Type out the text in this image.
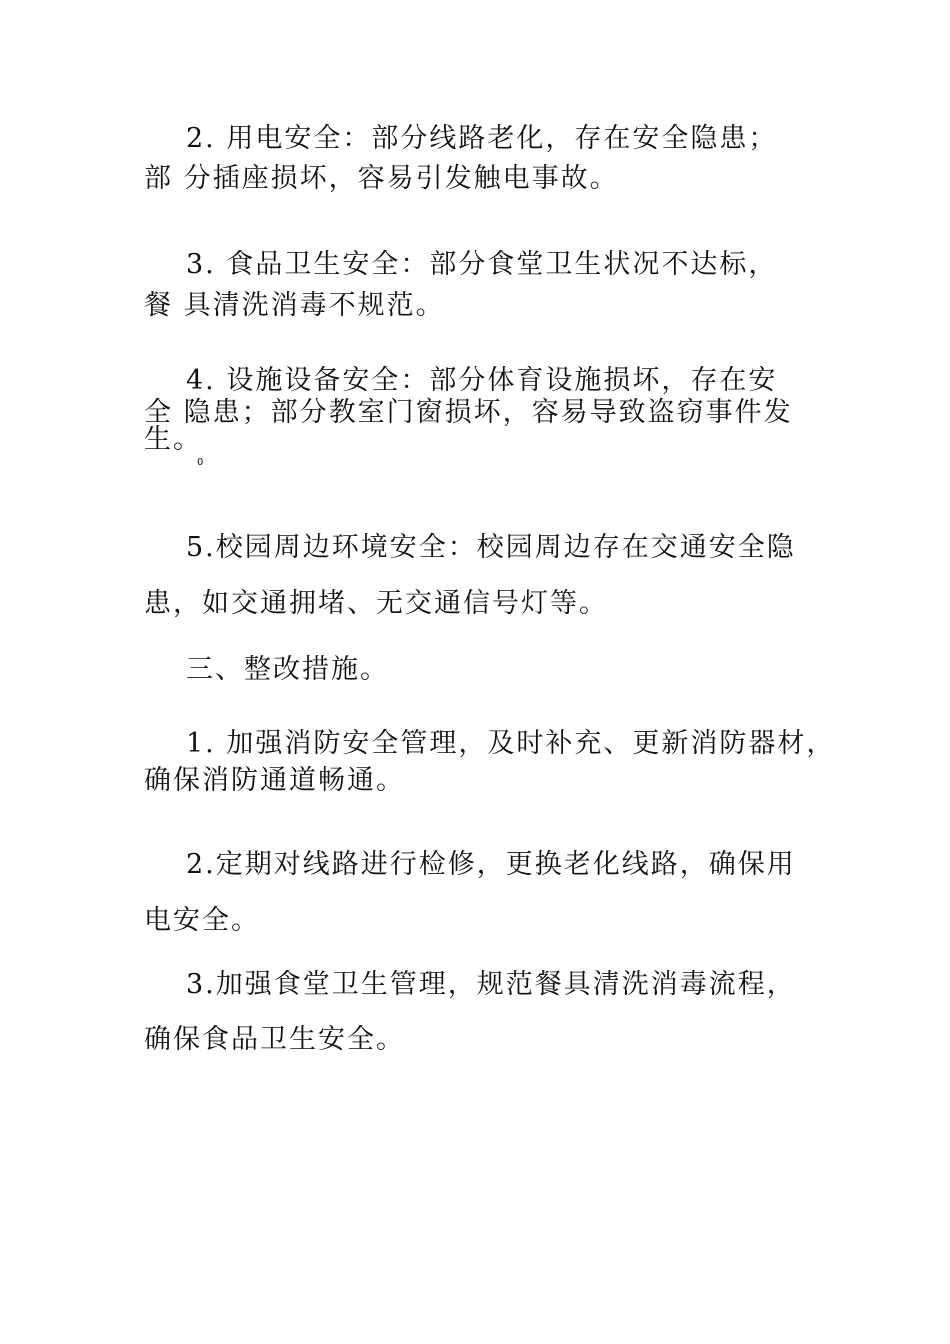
2. 用电安全：部分线路老化，存在安全隐患；
部 分插座损坏，容易引发触电事故。
3. 食品卫生安全：部分食堂卫生状况不达标，
餐 具清洗消毒不规范。
4. 设施设备安全：部分体育设施损坏，存在安
全 隐患；部分教室门窗损坏，容易导致盗窃事件发
生。
0
5.校园周边环境安全：校园周边存在交通安全隐
患，如交通拥堵、无交通信号灯等。
三、整改措施。
1. 加强消防安全管理，及时补充、更新消防器材，
确保消防通道畅通。
2.定期对线路进行检修，更换老化线路，确保用
电安全。
3.加强食堂卫生管理，规范餐具清洗消毒流程，
确保食品卫生安全。
